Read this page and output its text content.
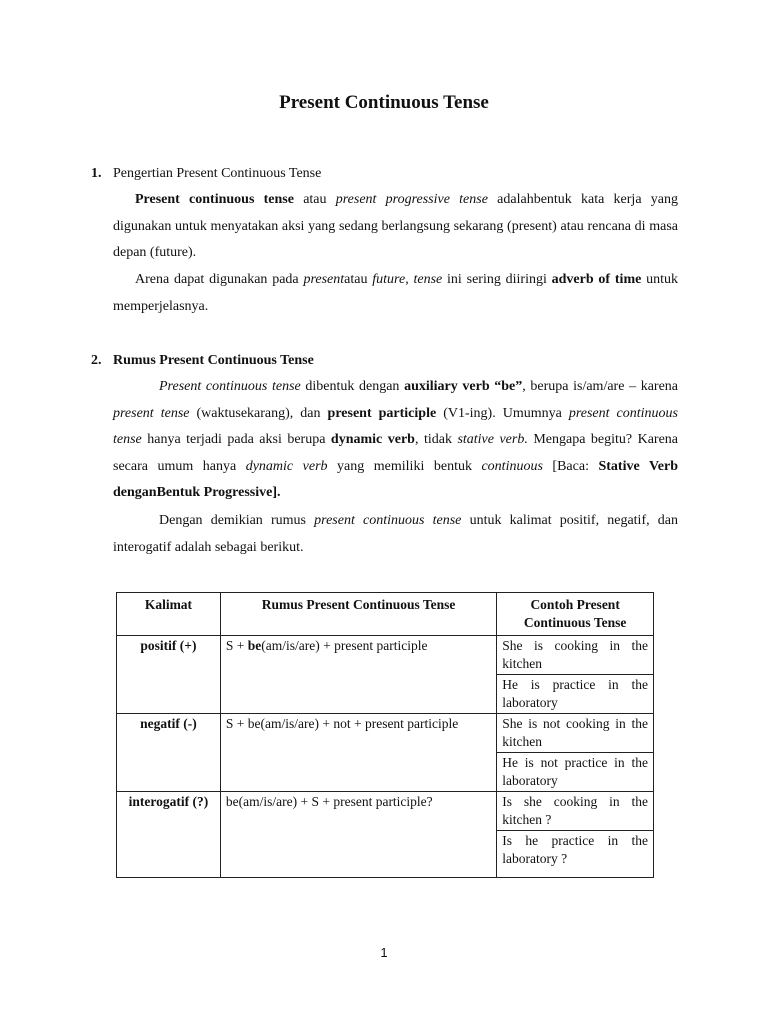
Present Continuous Tense
1. Pengertian Present Continuous Tense

Present continuous tense atau present progressive tense adalahbentuk kata kerja yang digunakan untuk menyatakan aksi yang sedang berlangsung sekarang (present) atau rencana di masa depan (future).

Arena dapat digunakan pada presentatau future, tense ini sering diiringi adverb of time untuk memperjelasnya.

2. Rumus Present Continuous Tense

Present continuous tense dibentuk dengan auxiliary verb “be”, berupa is/am/are – karena present tense (waktusekarang), dan present participle (V1-ing). Umumnya present continuous tense hanya terjadi pada aksi berupa dynamic verb, tidak stative verb. Mengapa begitu? Karena secara umum hanya dynamic verb yang memiliki bentuk continuous [Baca: Stative Verb denganBentuk Progressive].

Dengan demikian rumus present continuous tense untuk kalimat positif, negatif, dan interogatif adalah sebagai berikut.

Kalimat	Rumus Present Continuous Tense	Contoh Present Continuous Tense
positif (+)	S + be(am/is/are) + present participle	She is cooking in the kitchen
		He is practice in the laboratory
negatif (-)	S + be(am/is/are) + not + present participle	She is not cooking in the kitchen
		He is not practice in the laboratory
interogatif (?)	be(am/is/are) + S + present participle?	Is she cooking in the kitchen ?
		Is he practice in the laboratory ?
1
